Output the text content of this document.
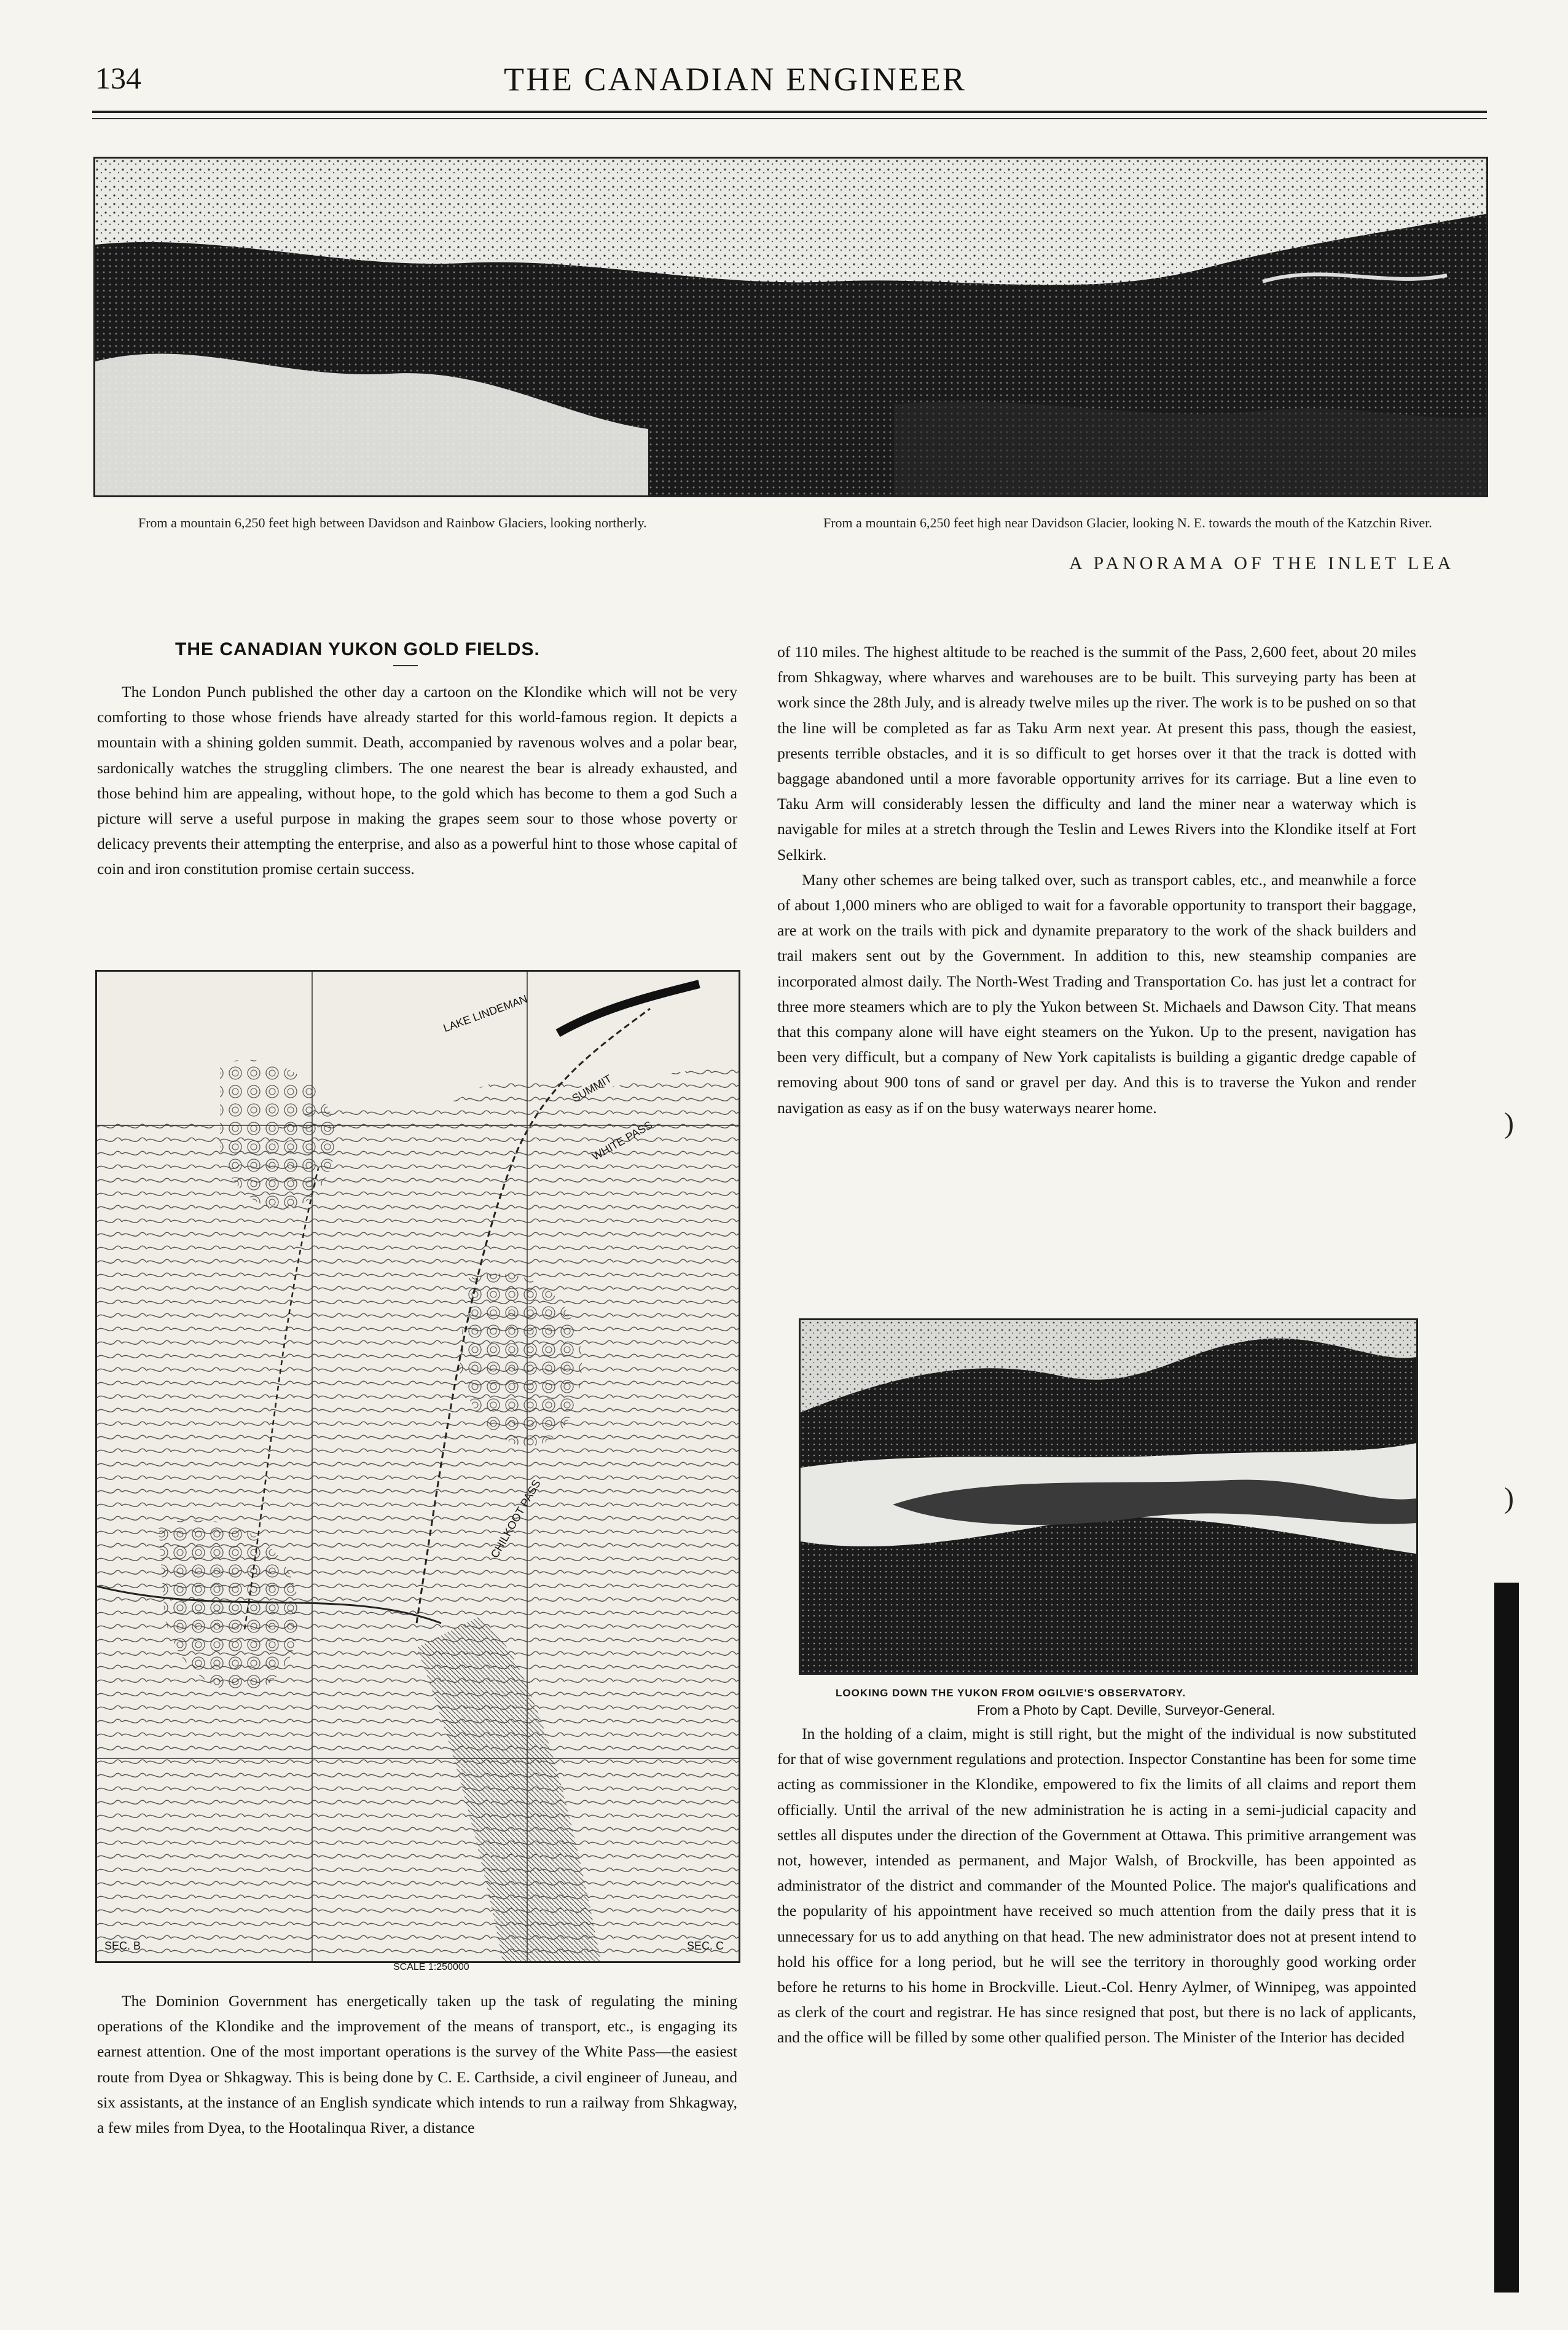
134	THE CANADIAN ENGINEER
From a mountain 6,250 feet high between Davidson and Rainbow Glaciers, looking northerly.	From a mountain 6,250 feet high near Davidson Glacier, looking N. E. towards the mouth of the Katzchin River.
A PANORAMA OF THE INLET LEA
THE CANADIAN YUKON GOLD FIELDS.

The London Punch published the other day a cartoon on the Klondike which will not be very comforting to those whose friends have already started for this world-famous region. It depicts a mountain with a shining golden summit. Death, accompanied by ravenous wolves and a polar bear, sardonically watches the struggling climbers. The one nearest the bear is already exhausted, and those behind him are appealing, without hope, to the gold which has become to them a god Such a picture will serve a useful purpose in making the grapes seem sour to those whose poverty or delicacy prevents their attempting the enterprise, and also as a powerful hint to those whose capital of coin and iron constitution promise certain success.

LAKE LINDEMAN
SUMMIT
WHITE PASS
CHILKOOT PASS
SEC. B	SEC. C
SCALE 1:250000

The Dominion Government has energetically taken up the task of regulating the mining operations of the Klondike and the improvement of the means of transport, etc., is engaging its earnest attention. One of the most important operations is the survey of the White Pass—the easiest route from Dyea or Shkagway. This is being done by C. E. Carthside, a civil engineer of Juneau, and six assistants, at the instance of an English syndicate which intends to run a railway from Shkagway, a few miles from Dyea, to the Hootalinqua River, a distance

of 110 miles. The highest altitude to be reached is the summit of the Pass, 2,600 feet, about 20 miles from Shkagway, where wharves and warehouses are to be built. This surveying party has been at work since the 28th July, and is already twelve miles up the river. The work is to be pushed on so that the line will be completed as far as Taku Arm next year. At present this pass, though the easiest, presents terrible obstacles, and it is so difficult to get horses over it that the track is dotted with baggage abandoned until a more favorable opportunity arrives for its carriage. But a line even to Taku Arm will considerably lessen the difficulty and land the miner near a waterway which is navigable for miles at a stretch through the Teslin and Lewes Rivers into the Klondike itself at Fort Selkirk.

Many other schemes are being talked over, such as transport cables, etc., and meanwhile a force of about 1,000 miners who are obliged to wait for a favorable opportunity to transport their baggage, are at work on the trails with pick and dynamite preparatory to the work of the shack builders and trail makers sent out by the Government. In addition to this, new steamship companies are incorporated almost daily. The North-West Trading and Transportation Co. has just let a contract for three more steamers which are to ply the Yukon between St. Michaels and Dawson City. That means that this company alone will have eight steamers on the Yukon. Up to the present, navigation has been very difficult, but a company of New York capitalists is building a gigantic dredge capable of removing about 900 tons of sand or gravel per day. And this is to traverse the Yukon and render navigation as easy as if on the busy waterways nearer home.

LOOKING DOWN THE YUKON FROM OGILVIE'S OBSERVATORY.
From a Photo by Capt. Deville, Surveyor-General.

In the holding of a claim, might is still right, but the might of the individual is now substituted for that of wise government regulations and protection. Inspector Constantine has been for some time acting as commissioner in the Klondike, empowered to fix the limits of all claims and report them officially. Until the arrival of the new administration he is acting in a semi-judicial capacity and settles all disputes under the direction of the Government at Ottawa. This primitive arrangement was not, however, intended as permanent, and Major Walsh, of Brockville, has been appointed as administrator of the district and commander of the Mounted Police. The major's qualifications and the popularity of his appointment have received so much attention from the daily press that it is unnecessary for us to add anything on that head. The new administrator does not at present intend to hold his office for a long period, but he will see the territory in thoroughly good working order before he returns to his home in Brockville. Lieut.-Col. Henry Aylmer, of Winnipeg, was appointed as clerk of the court and registrar. He has since resigned that post, but there is no lack of applicants, and the office will be filled by some other qualified person. The Minister of the Interior has decided

)
)
